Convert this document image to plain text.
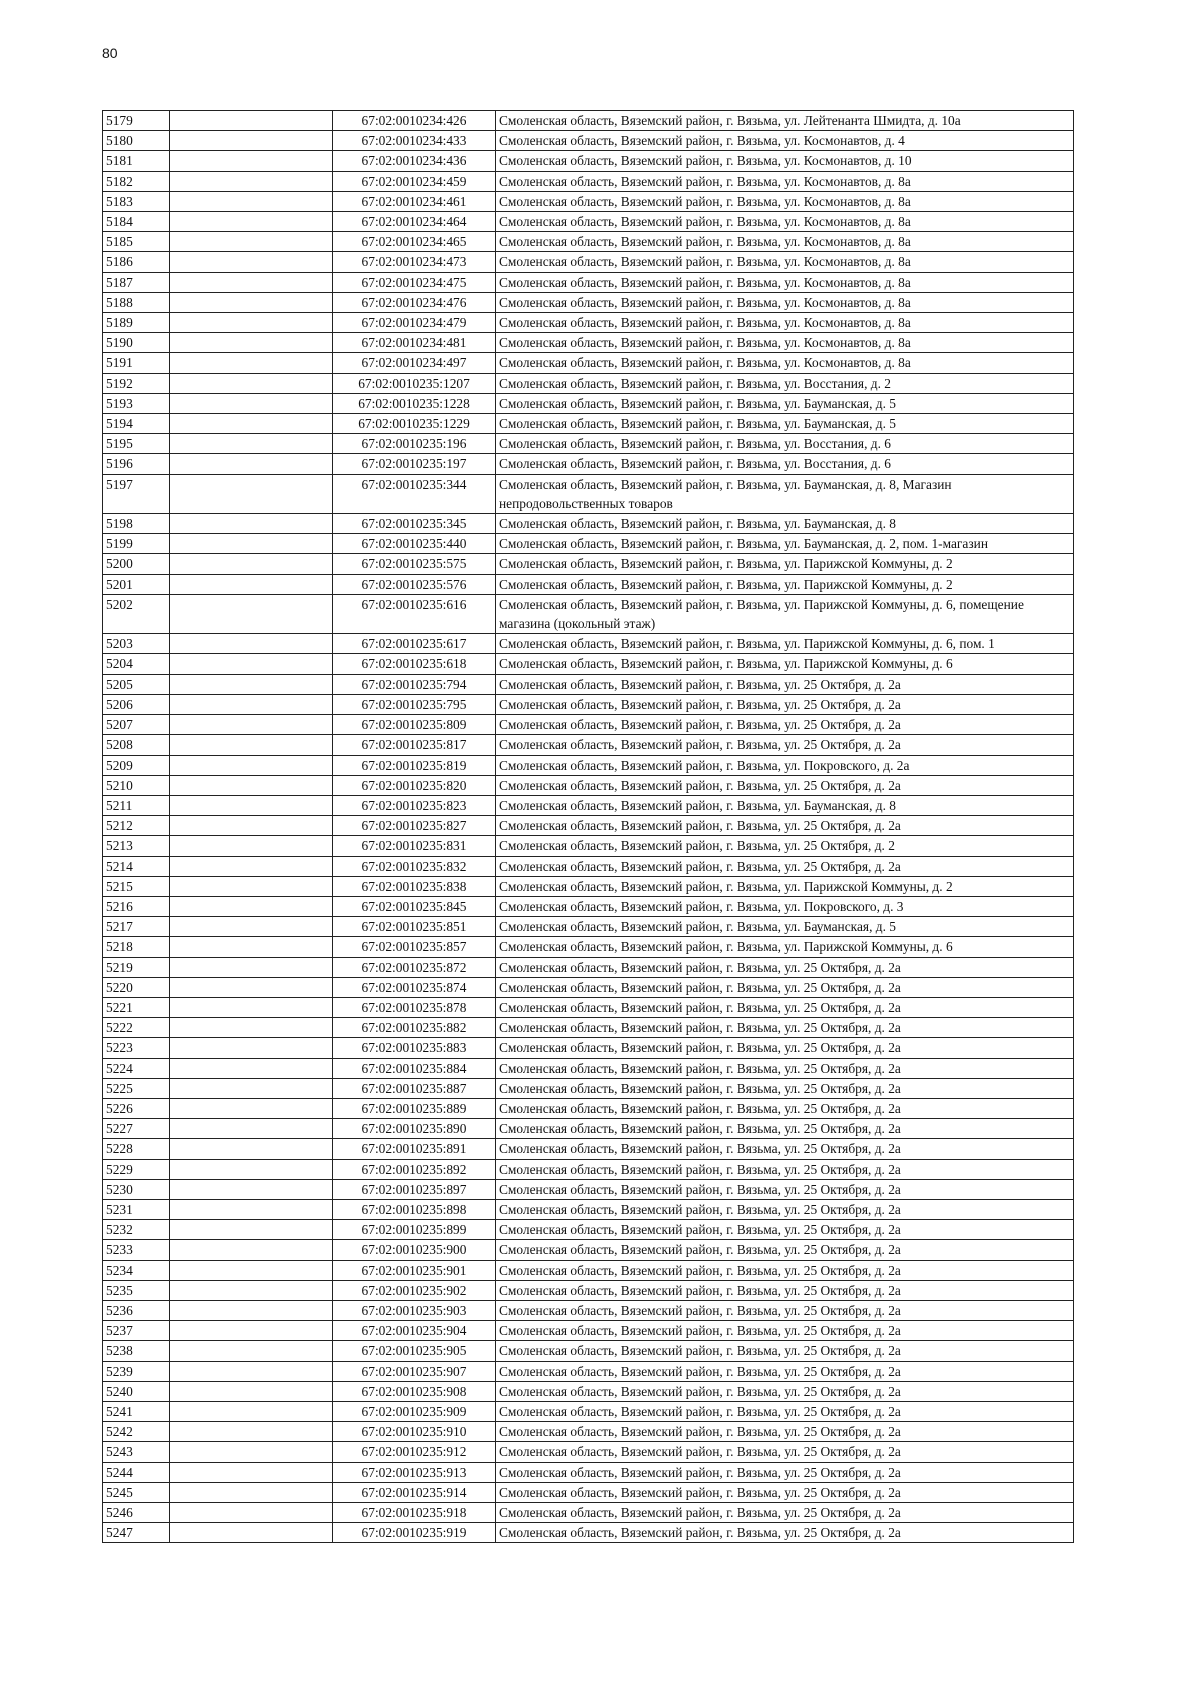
80
5179		67:02:0010234:426	Смоленская область, Вяземский район, г. Вязьма, ул. Лейтенанта Шмидта, д. 10а
5180		67:02:0010234:433	Смоленская область, Вяземский район, г. Вязьма, ул. Космонавтов, д. 4
5181		67:02:0010234:436	Смоленская область, Вяземский район, г. Вязьма, ул. Космонавтов, д. 10
5182		67:02:0010234:459	Смоленская область, Вяземский район, г. Вязьма, ул. Космонавтов, д. 8а
5183		67:02:0010234:461	Смоленская область, Вяземский район, г. Вязьма, ул. Космонавтов, д. 8а
5184		67:02:0010234:464	Смоленская область, Вяземский район, г. Вязьма, ул. Космонавтов, д. 8а
5185		67:02:0010234:465	Смоленская область, Вяземский район, г. Вязьма, ул. Космонавтов, д. 8а
5186		67:02:0010234:473	Смоленская область, Вяземский район, г. Вязьма, ул. Космонавтов, д. 8а
5187		67:02:0010234:475	Смоленская область, Вяземский район, г. Вязьма, ул. Космонавтов, д. 8а
5188		67:02:0010234:476	Смоленская область, Вяземский район, г. Вязьма, ул. Космонавтов, д. 8а
5189		67:02:0010234:479	Смоленская область, Вяземский район, г. Вязьма, ул. Космонавтов, д. 8а
5190		67:02:0010234:481	Смоленская область, Вяземский район, г. Вязьма, ул. Космонавтов, д. 8а
5191		67:02:0010234:497	Смоленская область, Вяземский район, г. Вязьма, ул. Космонавтов, д. 8а
5192		67:02:0010235:1207	Смоленская область, Вяземский район, г. Вязьма, ул. Восстания, д. 2
5193		67:02:0010235:1228	Смоленская область, Вяземский район, г. Вязьма, ул. Бауманская, д. 5
5194		67:02:0010235:1229	Смоленская область, Вяземский район, г. Вязьма, ул. Бауманская, д. 5
5195		67:02:0010235:196	Смоленская область, Вяземский район, г. Вязьма, ул. Восстания, д. 6
5196		67:02:0010235:197	Смоленская область, Вяземский район, г. Вязьма, ул. Восстания, д. 6
5197		67:02:0010235:344	Смоленская область, Вяземский район, г. Вязьма, ул. Бауманская, д. 8, Магазин непродовольственных товаров
5198		67:02:0010235:345	Смоленская область, Вяземский район, г. Вязьма, ул. Бауманская, д. 8
5199		67:02:0010235:440	Смоленская область, Вяземский район, г. Вязьма, ул. Бауманская, д. 2, пом. 1-магазин
5200		67:02:0010235:575	Смоленская область, Вяземский район, г. Вязьма, ул. Парижской Коммуны, д. 2
5201		67:02:0010235:576	Смоленская область, Вяземский район, г. Вязьма, ул. Парижской Коммуны, д. 2
5202		67:02:0010235:616	Смоленская область, Вяземский район, г. Вязьма, ул. Парижской Коммуны, д. 6, помещение магазина (цокольный этаж)
5203		67:02:0010235:617	Смоленская область, Вяземский район, г. Вязьма, ул. Парижской Коммуны, д. 6, пом. 1
5204		67:02:0010235:618	Смоленская область, Вяземский район, г. Вязьма, ул. Парижской Коммуны, д. 6
5205		67:02:0010235:794	Смоленская область, Вяземский район, г. Вязьма, ул. 25 Октября, д. 2а
5206		67:02:0010235:795	Смоленская область, Вяземский район, г. Вязьма, ул. 25 Октября, д. 2а
5207		67:02:0010235:809	Смоленская область, Вяземский район, г. Вязьма, ул. 25 Октября, д. 2а
5208		67:02:0010235:817	Смоленская область, Вяземский район, г. Вязьма, ул. 25 Октября, д. 2а
5209		67:02:0010235:819	Смоленская область, Вяземский район, г. Вязьма, ул. Покровского, д. 2а
5210		67:02:0010235:820	Смоленская область, Вяземский район, г. Вязьма, ул. 25 Октября, д. 2а
5211		67:02:0010235:823	Смоленская область, Вяземский район, г. Вязьма, ул. Бауманская, д. 8
5212		67:02:0010235:827	Смоленская область, Вяземский район, г. Вязьма, ул. 25 Октября, д. 2а
5213		67:02:0010235:831	Смоленская область, Вяземский район, г. Вязьма, ул. 25 Октября, д. 2
5214		67:02:0010235:832	Смоленская область, Вяземский район, г. Вязьма, ул. 25 Октября, д. 2а
5215		67:02:0010235:838	Смоленская область, Вяземский район, г. Вязьма, ул. Парижской Коммуны, д. 2
5216		67:02:0010235:845	Смоленская область, Вяземский район, г. Вязьма, ул. Покровского, д. 3
5217		67:02:0010235:851	Смоленская область, Вяземский район, г. Вязьма, ул. Бауманская, д. 5
5218		67:02:0010235:857	Смоленская область, Вяземский район, г. Вязьма, ул. Парижской Коммуны, д. 6
5219		67:02:0010235:872	Смоленская область, Вяземский район, г. Вязьма, ул. 25 Октября, д. 2а
5220		67:02:0010235:874	Смоленская область, Вяземский район, г. Вязьма, ул. 25 Октября, д. 2а
5221		67:02:0010235:878	Смоленская область, Вяземский район, г. Вязьма, ул. 25 Октября, д. 2а
5222		67:02:0010235:882	Смоленская область, Вяземский район, г. Вязьма, ул. 25 Октября, д. 2а
5223		67:02:0010235:883	Смоленская область, Вяземский район, г. Вязьма, ул. 25 Октября, д. 2а
5224		67:02:0010235:884	Смоленская область, Вяземский район, г. Вязьма, ул. 25 Октября, д. 2а
5225		67:02:0010235:887	Смоленская область, Вяземский район, г. Вязьма, ул. 25 Октября, д. 2а
5226		67:02:0010235:889	Смоленская область, Вяземский район, г. Вязьма, ул. 25 Октября, д. 2а
5227		67:02:0010235:890	Смоленская область, Вяземский район, г. Вязьма, ул. 25 Октября, д. 2а
5228		67:02:0010235:891	Смоленская область, Вяземский район, г. Вязьма, ул. 25 Октября, д. 2а
5229		67:02:0010235:892	Смоленская область, Вяземский район, г. Вязьма, ул. 25 Октября, д. 2а
5230		67:02:0010235:897	Смоленская область, Вяземский район, г. Вязьма, ул. 25 Октября, д. 2а
5231		67:02:0010235:898	Смоленская область, Вяземский район, г. Вязьма, ул. 25 Октября, д. 2а
5232		67:02:0010235:899	Смоленская область, Вяземский район, г. Вязьма, ул. 25 Октября, д. 2а
5233		67:02:0010235:900	Смоленская область, Вяземский район, г. Вязьма, ул. 25 Октября, д. 2а
5234		67:02:0010235:901	Смоленская область, Вяземский район, г. Вязьма, ул. 25 Октября, д. 2а
5235		67:02:0010235:902	Смоленская область, Вяземский район, г. Вязьма, ул. 25 Октября, д. 2а
5236		67:02:0010235:903	Смоленская область, Вяземский район, г. Вязьма, ул. 25 Октября, д. 2а
5237		67:02:0010235:904	Смоленская область, Вяземский район, г. Вязьма, ул. 25 Октября, д. 2а
5238		67:02:0010235:905	Смоленская область, Вяземский район, г. Вязьма, ул. 25 Октября, д. 2а
5239		67:02:0010235:907	Смоленская область, Вяземский район, г. Вязьма, ул. 25 Октября, д. 2а
5240		67:02:0010235:908	Смоленская область, Вяземский район, г. Вязьма, ул. 25 Октября, д. 2а
5241		67:02:0010235:909	Смоленская область, Вяземский район, г. Вязьма, ул. 25 Октября, д. 2а
5242		67:02:0010235:910	Смоленская область, Вяземский район, г. Вязьма, ул. 25 Октября, д. 2а
5243		67:02:0010235:912	Смоленская область, Вяземский район, г. Вязьма, ул. 25 Октября, д. 2а
5244		67:02:0010235:913	Смоленская область, Вяземский район, г. Вязьма, ул. 25 Октября, д. 2а
5245		67:02:0010235:914	Смоленская область, Вяземский район, г. Вязьма, ул. 25 Октября, д. 2а
5246		67:02:0010235:918	Смоленская область, Вяземский район, г. Вязьма, ул. 25 Октября, д. 2а
5247		67:02:0010235:919	Смоленская область, Вяземский район, г. Вязьма, ул. 25 Октября, д. 2а
